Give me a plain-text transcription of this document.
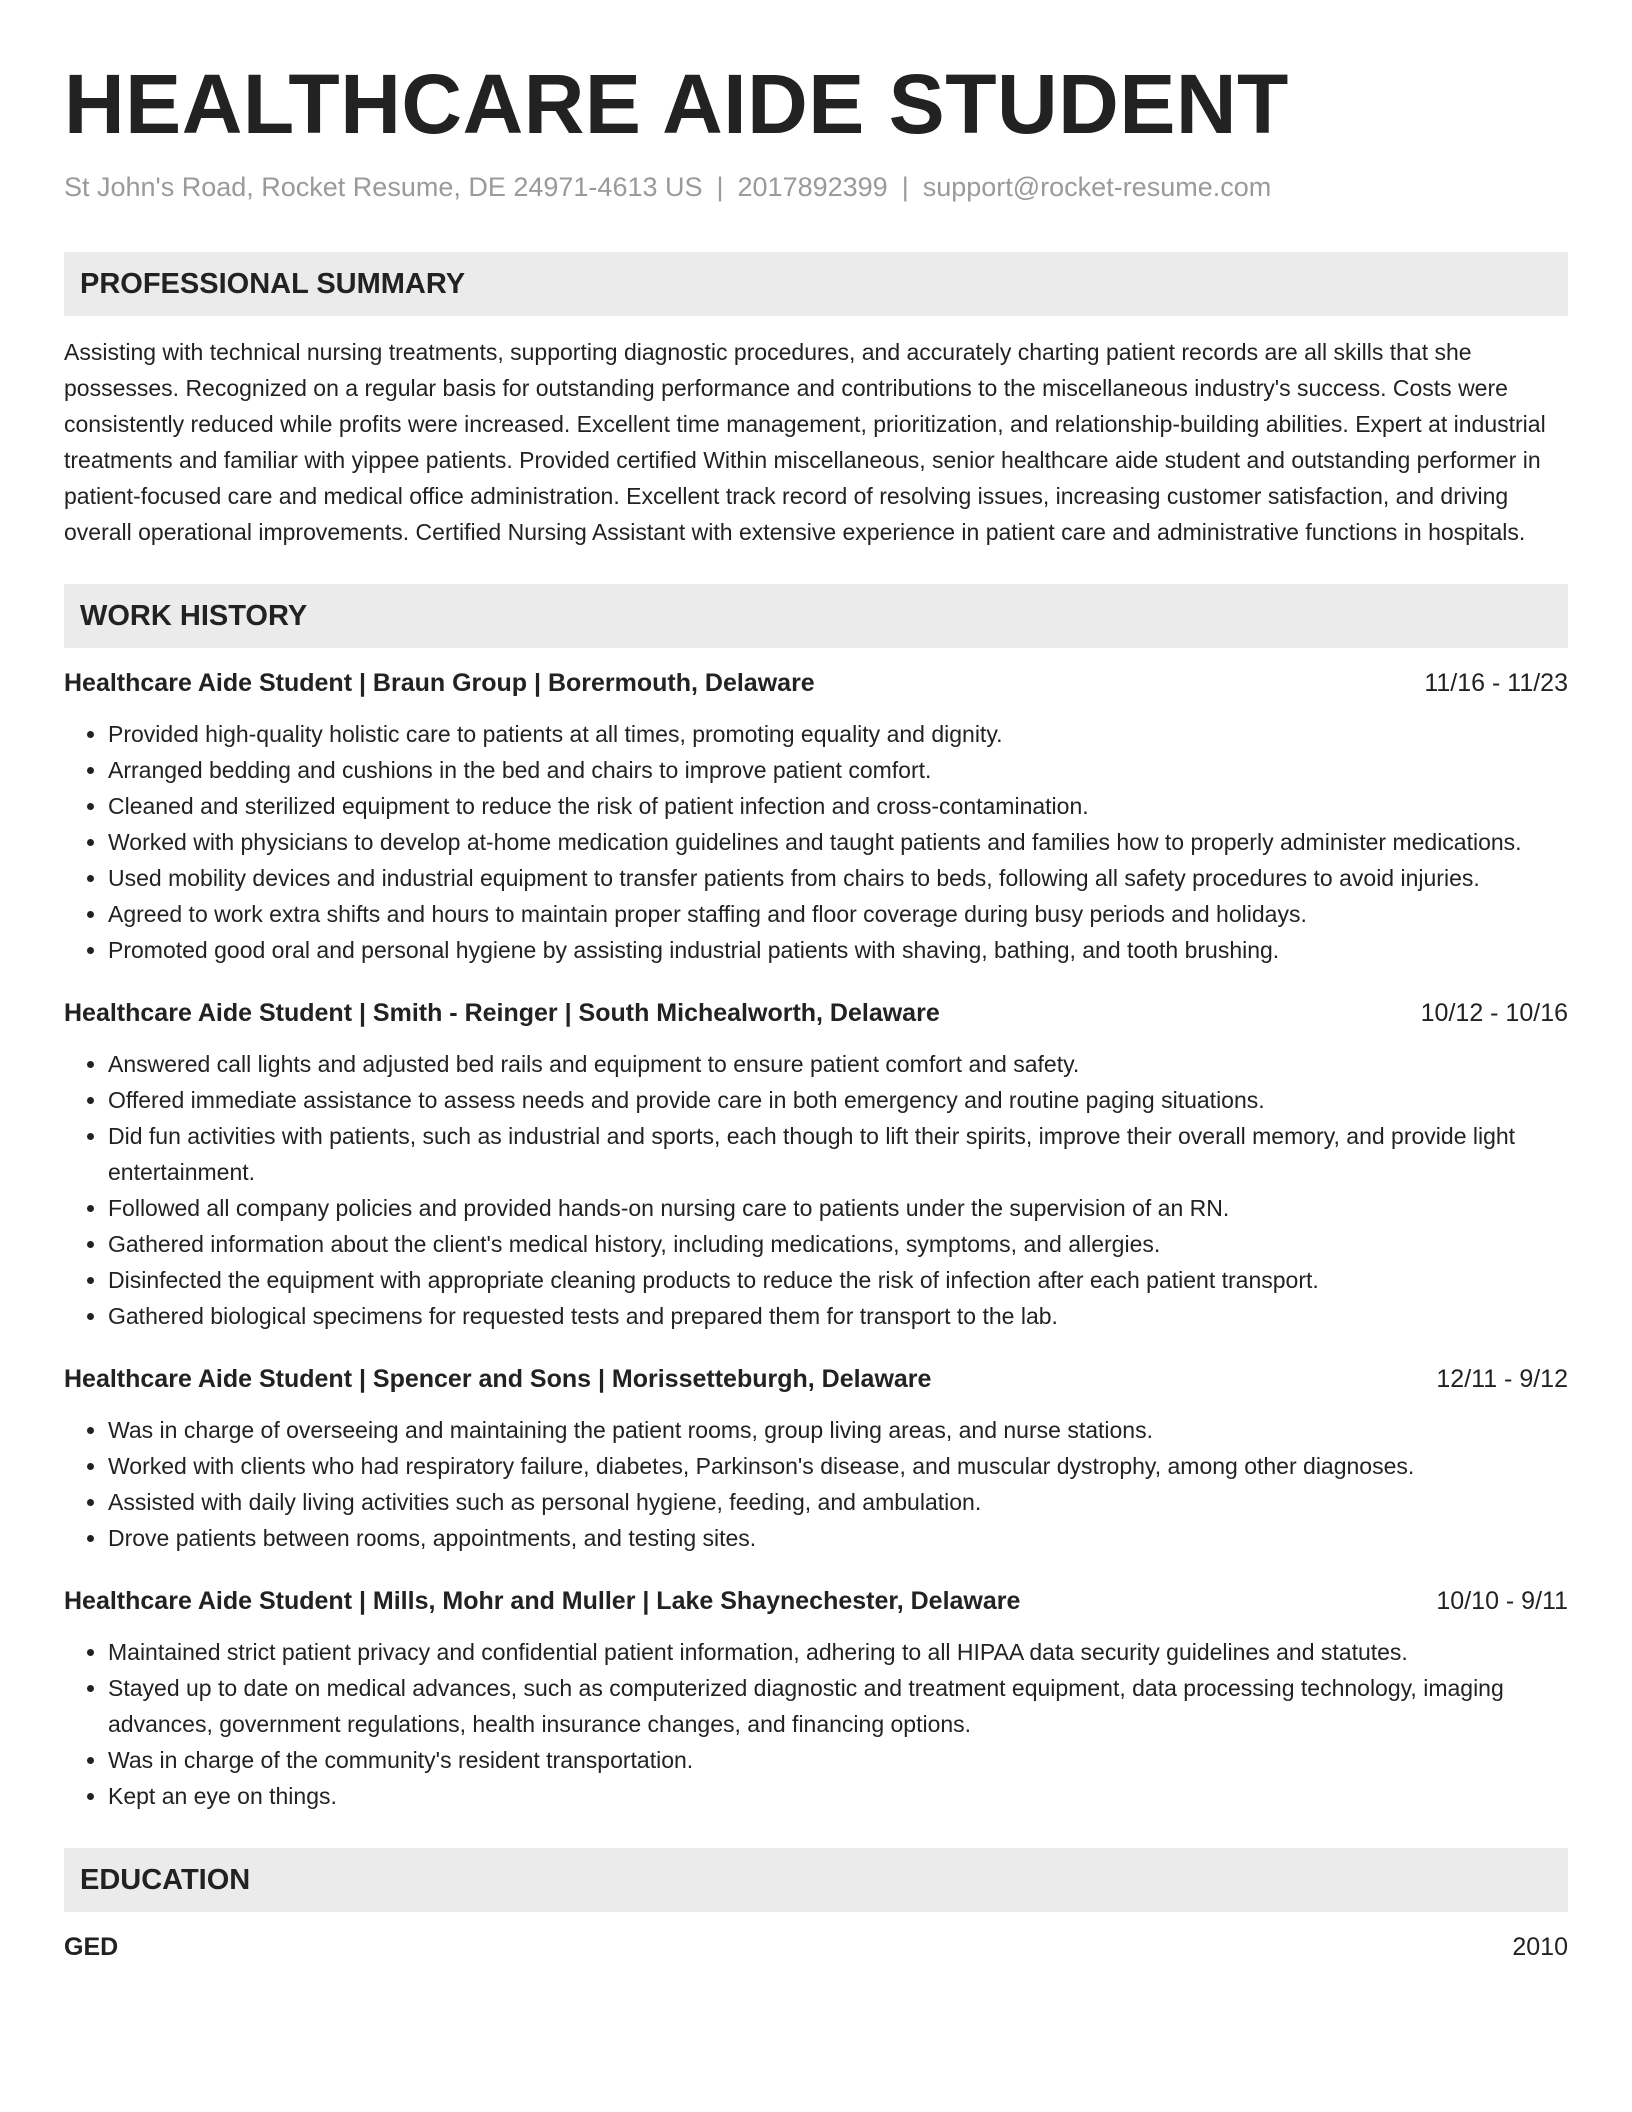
HEALTHCARE AIDE STUDENT
St John's Road, Rocket Resume, DE 24971-4613 US | 2017892399 | support@rocket-resume.com
PROFESSIONAL SUMMARY

Assisting with technical nursing treatments, supporting diagnostic procedures, and accurately charting patient records are all skills that she possesses. Recognized on a regular basis for outstanding performance and contributions to the miscellaneous industry's success. Costs were consistently reduced while profits were increased. Excellent time management, prioritization, and relationship-building abilities. Expert at industrial treatments and familiar with yippee patients. Provided certified Within miscellaneous, senior healthcare aide student and outstanding performer in patient-focused care and medical office administration. Excellent track record of resolving issues, increasing customer satisfaction, and driving overall operational improvements. Certified Nursing Assistant with extensive experience in patient care and administrative functions in hospitals.

WORK HISTORY
Healthcare Aide Student | Braun Group | Borermouth, Delaware	11/16 - 11/23
• Provided high-quality holistic care to patients at all times, promoting equality and dignity.
• Arranged bedding and cushions in the bed and chairs to improve patient comfort.
• Cleaned and sterilized equipment to reduce the risk of patient infection and cross-contamination.
• Worked with physicians to develop at-home medication guidelines and taught patients and families how to properly administer medications.
• Used mobility devices and industrial equipment to transfer patients from chairs to beds, following all safety procedures to avoid injuries.
• Agreed to work extra shifts and hours to maintain proper staffing and floor coverage during busy periods and holidays.
• Promoted good oral and personal hygiene by assisting industrial patients with shaving, bathing, and tooth brushing.
Healthcare Aide Student | Smith - Reinger | South Michealworth, Delaware	10/12 - 10/16
• Answered call lights and adjusted bed rails and equipment to ensure patient comfort and safety.
• Offered immediate assistance to assess needs and provide care in both emergency and routine paging situations.
• Did fun activities with patients, such as industrial and sports, each though to lift their spirits, improve their overall memory, and provide light entertainment.
• Followed all company policies and provided hands-on nursing care to patients under the supervision of an RN.
• Gathered information about the client's medical history, including medications, symptoms, and allergies.
• Disinfected the equipment with appropriate cleaning products to reduce the risk of infection after each patient transport.
• Gathered biological specimens for requested tests and prepared them for transport to the lab.
Healthcare Aide Student | Spencer and Sons | Morissetteburgh, Delaware	12/11 - 9/12
• Was in charge of overseeing and maintaining the patient rooms, group living areas, and nurse stations.
• Worked with clients who had respiratory failure, diabetes, Parkinson's disease, and muscular dystrophy, among other diagnoses.
• Assisted with daily living activities such as personal hygiene, feeding, and ambulation.
• Drove patients between rooms, appointments, and testing sites.
Healthcare Aide Student | Mills, Mohr and Muller | Lake Shaynechester, Delaware	10/10 - 9/11
• Maintained strict patient privacy and confidential patient information, adhering to all HIPAA data security guidelines and statutes.
• Stayed up to date on medical advances, such as computerized diagnostic and treatment equipment, data processing technology, imaging advances, government regulations, health insurance changes, and financing options.
• Was in charge of the community's resident transportation.
• Kept an eye on things.
EDUCATION
GED	2010
